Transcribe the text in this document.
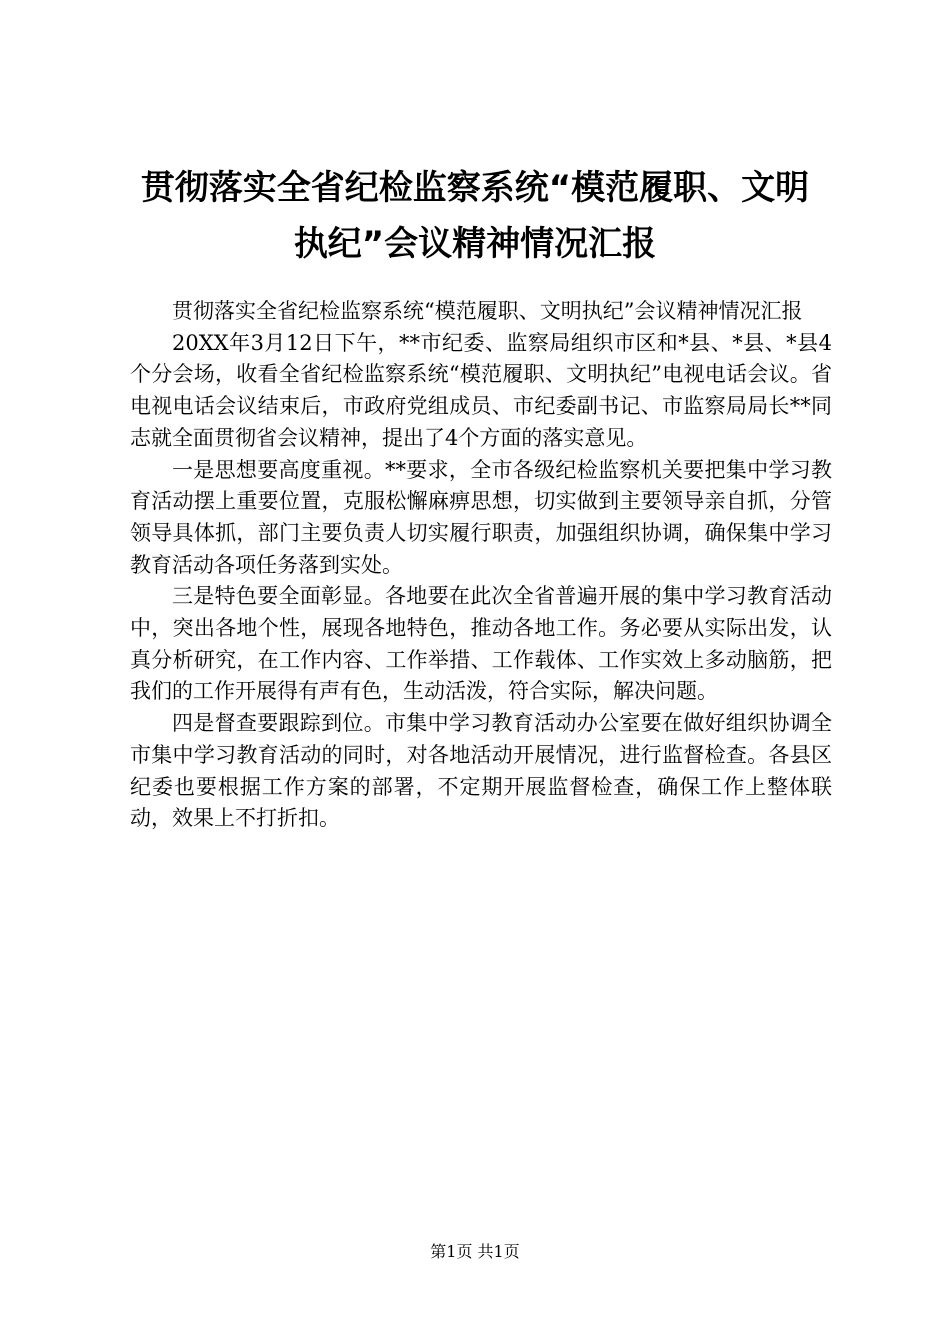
贯彻落实全省纪检监察系统“模范履职、文明
执纪”会议精神情况汇报

贯彻落实全省纪检监察系统“模范履职、文明执纪”会议精神情况汇报

20XX年3月12日下午，**市纪委、监察局组织市区和*县、*县、*县4个分会场，收看全省纪检监察系统“模范履职、文明执纪”电视电话会议。省电视电话会议结束后，市政府党组成员、市纪委副书记、市监察局局长**同志就全面贯彻省会议精神，提出了4个方面的落实意见。

一是思想要高度重视。**要求，全市各级纪检监察机关要把集中学习教育活动摆上重要位置，克服松懈麻痹思想，切实做到主要领导亲自抓，分管领导具体抓，部门主要负责人切实履行职责，加强组织协调，确保集中学习教育活动各项任务落到实处。

三是特色要全面彰显。各地要在此次全省普遍开展的集中学习教育活动中，突出各地个性，展现各地特色，推动各地工作。务必要从实际出发，认真分析研究，在工作内容、工作举措、工作载体、工作实效上多动脑筋，把我们的工作开展得有声有色，生动活泼，符合实际，解决问题。

四是督查要跟踪到位。市集中学习教育活动办公室要在做好组织协调全市集中学习教育活动的同时，对各地活动开展情况，进行监督检查。各县区纪委也要根据工作方案的部署，不定期开展监督检查，确保工作上整体联动，效果上不打折扣。

第1页 共1页
